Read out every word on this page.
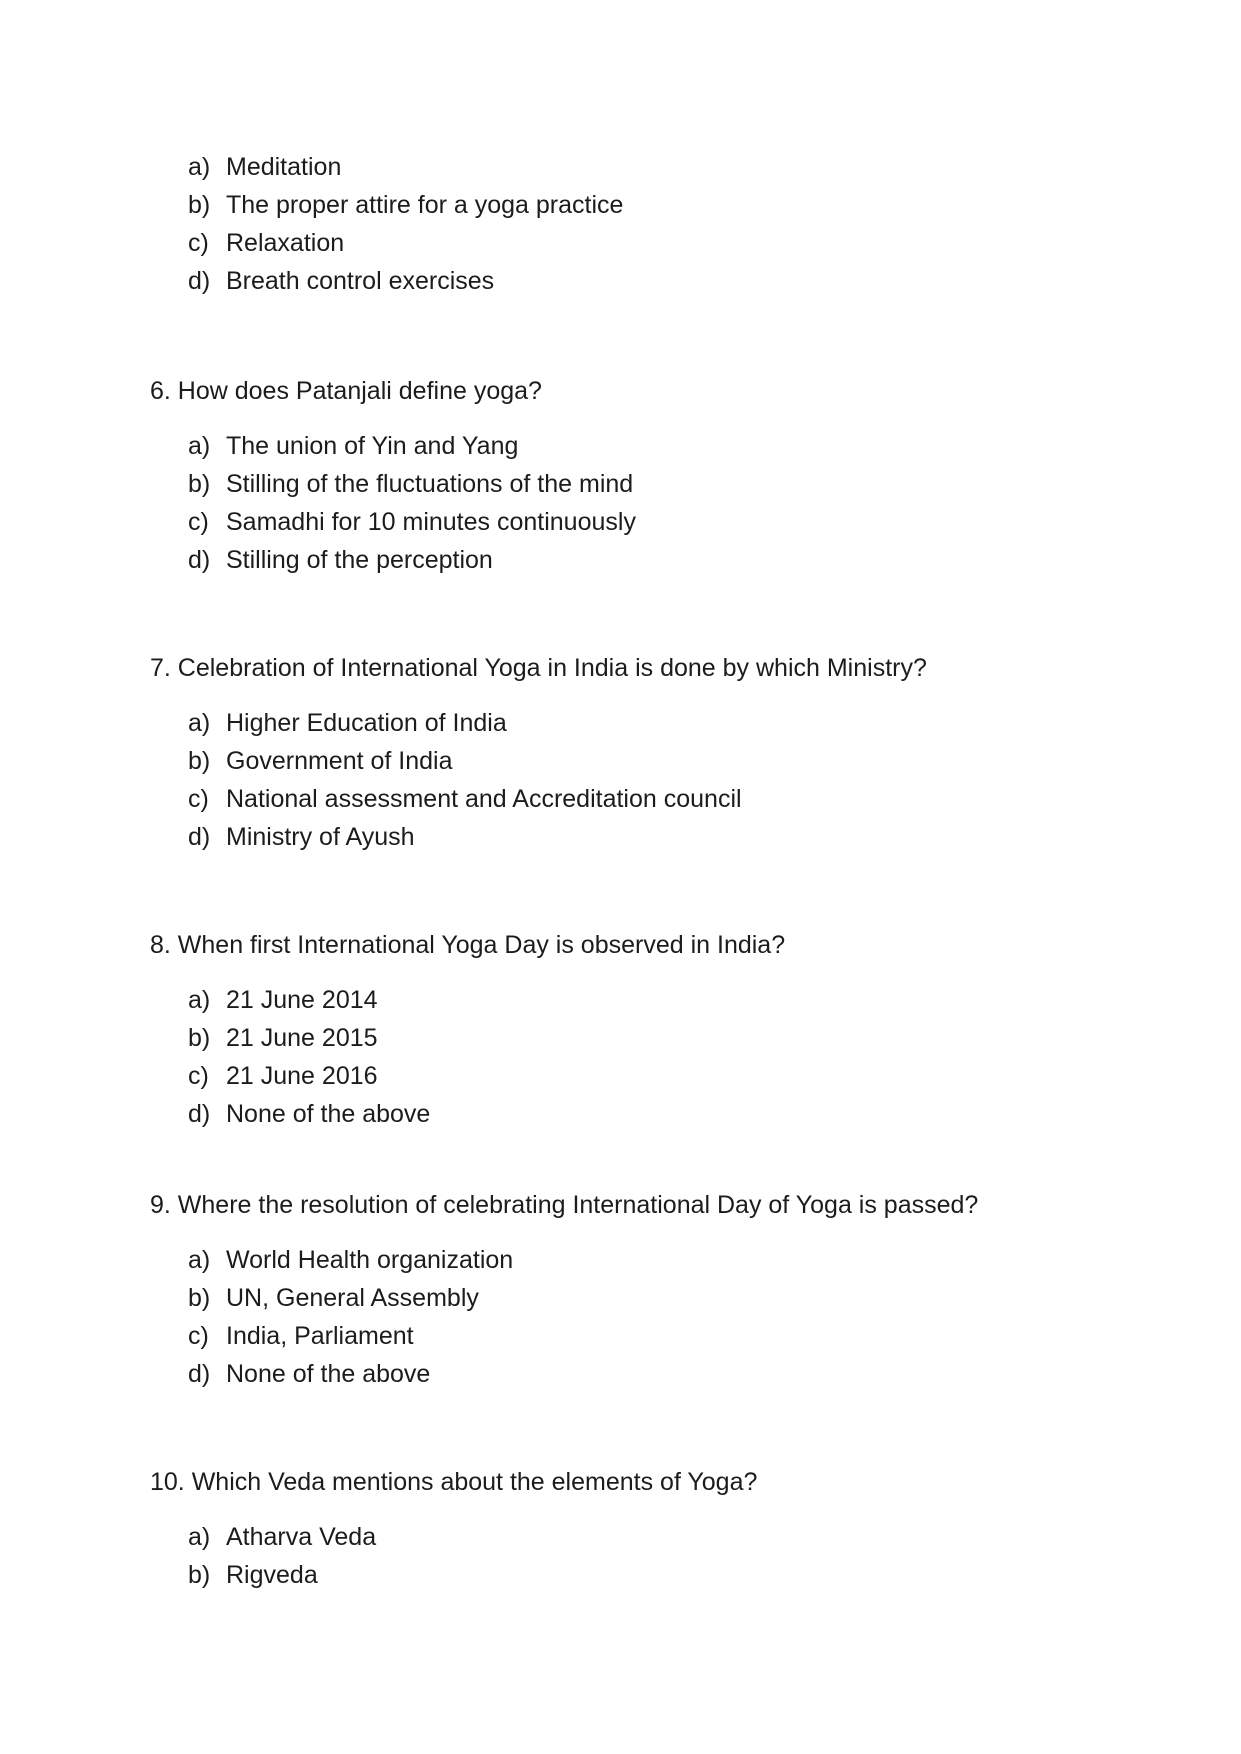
a) Meditation
b) The proper attire for a yoga practice
c) Relaxation
d) Breath control exercises

6. How does Patanjali define yoga?

a) The union of Yin and Yang
b) Stilling of the fluctuations of the mind
c) Samadhi for 10 minutes continuously
d) Stilling of the perception

7. Celebration of International Yoga in India is done by which Ministry?

a) Higher Education of India
b) Government of India
c) National assessment and Accreditation council
d) Ministry of Ayush

8. When first International Yoga Day is observed in India?

a) 21 June 2014
b) 21 June 2015
c) 21 June 2016
d) None of the above

9. Where the resolution of celebrating International Day of Yoga is passed?

a) World Health organization
b) UN, General Assembly
c) India, Parliament
d) None of the above

10. Which Veda mentions about the elements of Yoga?

a) Atharva Veda
b) Rigveda
